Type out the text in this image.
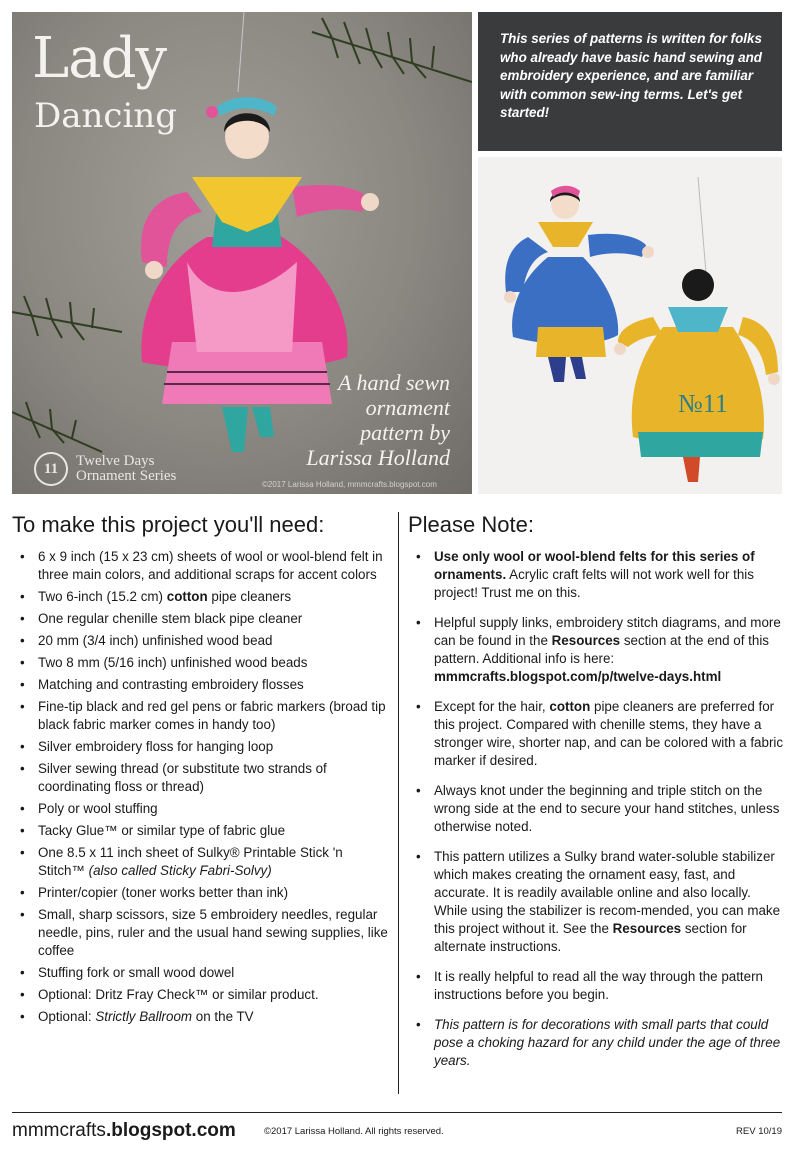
Lady
Dancing
A hand sewn ornament pattern by Larissa Holland
11	Twelve Days
Ornament Series
©2017 Larissa Holland, mmmcrafts.blogspot.com
This series of patterns is written for folks who already have basic hand sewing and embroidery experience, and are familiar with common sew-ing terms. Let's get started!
№11
To make this project you'll need:
• 6 x 9 inch (15 x 23 cm) sheets of wool or wool-blend felt in three main colors, and additional scraps for accent colors
• Two 6-inch (15.2 cm) cotton pipe cleaners
• One regular chenille stem black pipe cleaner
• 20 mm (3/4 inch) unfinished wood bead
• Two 8 mm (5/16 inch) unfinished wood beads
• Matching and contrasting embroidery flosses
• Fine-tip black and red gel pens or fabric markers (broad tip black fabric marker comes in handy too)
• Silver embroidery floss for hanging loop
• Silver sewing thread (or substitute two strands of coordinating floss or thread)
• Poly or wool stuffing
• Tacky Glue™ or similar type of fabric glue
• One 8.5 x 11 inch sheet of Sulky® Printable Stick 'n Stitch™ (also called Sticky Fabri-Solvy)
• Printer/copier (toner works better than ink)
• Small, sharp scissors, size 5 embroidery needles, regular needle, pins, ruler and the usual hand sewing supplies, like coffee
• Stuffing fork or small wood dowel
• Optional: Dritz Fray Check™ or similar product.
• Optional: Strictly Ballroom on the TV
Please Note:
• Use only wool or wool-blend felts for this series of ornaments. Acrylic craft felts will not work well for this project! Trust me on this.
• Helpful supply links, embroidery stitch diagrams, and more can be found in the Resources section at the end of this pattern. Additional info is here: mmmcrafts.blogspot.com/p/twelve-days.html
• Except for the hair, cotton pipe cleaners are preferred for this project. Compared with chenille stems, they have a stronger wire, shorter nap, and can be colored with a fabric marker if desired.
• Always knot under the beginning and triple stitch on the wrong side at the end to secure your hand stitches, unless otherwise noted.
• This pattern utilizes a Sulky brand water-soluble stabilizer which makes creating the ornament easy, fast, and accurate. It is readily available online and also locally. While using the stabilizer is recom-mended, you can make this project without it. See the Resources section for alternate instructions.
• It is really helpful to read all the way through the pattern instructions before you begin.
• This pattern is for decorations with small parts that could pose a choking hazard for any child under the age of three years.
mmmcrafts.blogspot.com	©2017 Larissa Holland. All rights reserved.	REV 10/19
